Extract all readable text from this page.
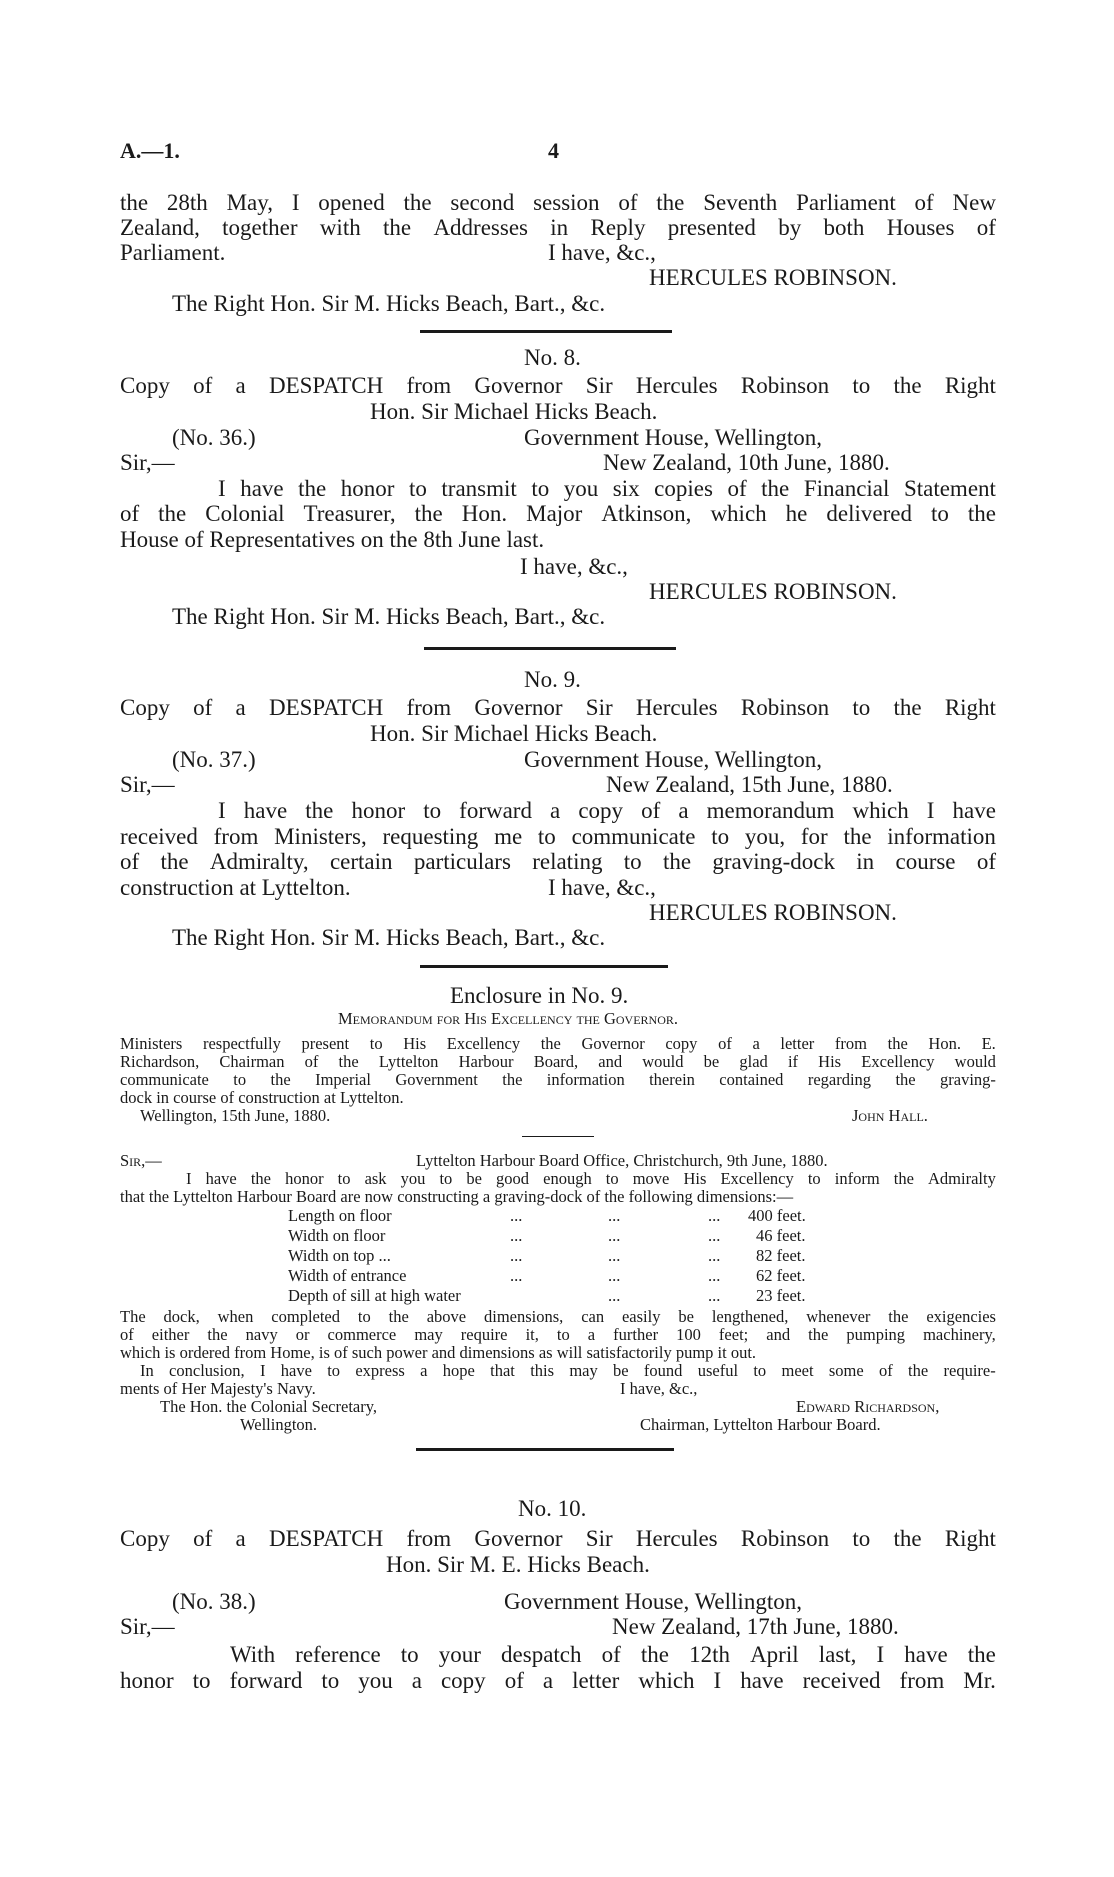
A.—1.	4
the 28th May, I opened the second session of the Seventh Parliament of New
Zealand, together with the Addresses in Reply presented by both Houses of
Parliament.	I have, &c.,
HERCULES ROBINSON.
The Right Hon. Sir M. Hicks Beach, Bart., &c.
No. 8.
Copy of a DESPATCH from Governor Sir Hercules Robinson to the Right
Hon. Sir Michael Hicks Beach.
(No. 36.)	Government House, Wellington,
Sir,—	New Zealand, 10th June, 1880.
I have the honor to transmit to you six copies of the Financial Statement
of the Colonial Treasurer, the Hon. Major Atkinson, which he delivered to the
House of Representatives on the 8th June last.
I have, &c.,
HERCULES ROBINSON.
The Right Hon. Sir M. Hicks Beach, Bart., &c.
No. 9.
Copy of a DESPATCH from Governor Sir Hercules Robinson to the Right
Hon. Sir Michael Hicks Beach.
(No. 37.)	Government House, Wellington,
Sir,—	New Zealand, 15th June, 1880.
I have the honor to forward a copy of a memorandum which I have
received from Ministers, requesting me to communicate to you, for the information
of the Admiralty, certain particulars relating to the graving-dock in course of
construction at Lyttelton.	I have, &c.,
HERCULES ROBINSON.
The Right Hon. Sir M. Hicks Beach, Bart., &c.
Enclosure in No. 9.
Memorandum for His Excellency the Governor.
Ministers respectfully present to His Excellency the Governor copy of a letter from the Hon. E.
Richardson, Chairman of the Lyttelton Harbour Board, and would be glad if His Excellency would
communicate to the Imperial Government the information therein contained regarding the graving-
dock in course of construction at Lyttelton.
Wellington, 15th June, 1880.	John Hall.
Sir,—	Lyttelton Harbour Board Office, Christchurch, 9th June, 1880.
I have the honor to ask you to be good enough to move His Excellency to inform the Admiralty
that the Lyttelton Harbour Board are now constructing a graving-dock of the following dimensions:—
Length on floor	...	...	... 400 feet.
Width on floor	...	...	... 46 feet.
Width on top ...	...	...	... 82 feet.
Width of entrance	...	...	... 62 feet.
Depth of sill at high water	...	... 23 feet.
The dock, when completed to the above dimensions, can easily be lengthened, whenever the exigencies
of either the navy or commerce may require it, to a further 100 feet; and the pumping machinery,
which is ordered from Home, is of such power and dimensions as will satisfactorily pump it out.
In conclusion, I have to express a hope that this may be found useful to meet some of the require-
ments of Her Majesty's Navy.	I have, &c.,
The Hon. the Colonial Secretary,	Edward Richardson,
Wellington.	Chairman, Lyttelton Harbour Board.
No. 10.
Copy of a DESPATCH from Governor Sir Hercules Robinson to the Right
Hon. Sir M. E. Hicks Beach.
(No. 38.)	Government House, Wellington,
Sir,—	New Zealand, 17th June, 1880.
With reference to your despatch of the 12th April last, I have the
honor to forward to you a copy of a letter which I have received from Mr.
